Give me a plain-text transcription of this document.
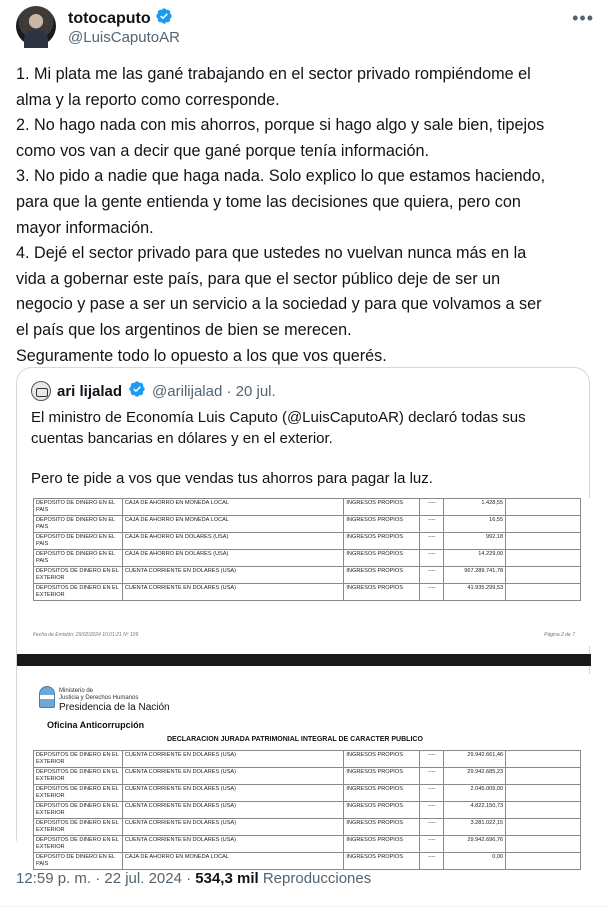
totocaputo
@LuisCaputoAR
•••

1. Mi plata me las gané trabajando en el sector privado rompiéndome el

alma y la reporto como corresponde.

2. No hago nada con mis ahorros, porque si hago algo y sale bien, tipejos

como vos van a decir que gané porque tenía información.

3. No pido a nadie que haga nada. Solo explico lo que estamos haciendo,

para que la gente entienda y tome las decisiones que quiera, pero con

mayor información.

4. Dejé el sector privado para que ustedes no vuelvan nunca más en la

vida a gobernar este país, para que el sector público deje de ser un

negocio y pase a ser un servicio a la sociedad y para que volvamos a ser

el país que los argentinos de bien se merecen.

Seguramente todo lo opuesto a los que vos querés.

ari lijalad @arilijalad · 20 jul.

El ministro de Economía Luis Caputo (@LuisCaputoAR) declaró todas sus

cuentas bancarias en dólares y en el exterior.

Pero te pide a vos que vendas tus ahorros para pagar la luz.

DEPOSITO DE DINERO EN EL PAIS	CAJA DE AHORRO EN MONEDA LOCAL	INGRESOS PROPIOS	----	1.428,55	
DEPOSITO DE DINERO EN EL PAIS	CAJA DE AHORRO EN MONEDA LOCAL	INGRESOS PROPIOS	----	16,55	
DEPOSITO DE DINERO EN EL PAIS	CAJA DE AHORRO EN DOLARES (USA)	INGRESOS PROPIOS	----	992,18	
DEPOSITO DE DINERO EN EL PAIS	CAJA DE AHORRO EN DOLARES (USA)	INGRESOS PROPIOS	----	14.229,00	
DEPOSITOS DE DINERO EN EL EXTERIOR	CUENTA CORRIENTE EN DOLARES (USA)	INGRESOS PROPIOS	----	967.289.741,78	
DEPOSITOS DE DINERO EN EL EXTERIOR	CUENTA CORRIENTE EN DOLARES (USA)	INGRESOS PROPIOS	----	41.935.299,53	
Fecha de Emisión: 29/02/2024 10:01:21 Nº 109	Página 2 de 7
Ministerio de
Justicia y Derechos Humanos
Presidencia de la Nación
Oficina Anticorrupción
DECLARACION JURADA PATRIMONIAL INTEGRAL DE CARACTER PUBLICO
DEPOSITOS DE DINERO EN EL EXTERIOR	CUENTA CORRIENTE EN DOLARES (USA)	INGRESOS PROPIOS	----	29.942.661,46	
DEPOSITOS DE DINERO EN EL EXTERIOR	CUENTA CORRIENTE EN DOLARES (USA)	INGRESOS PROPIOS	----	29.942.685,23	
DEPOSITOS DE DINERO EN EL EXTERIOR	CUENTA CORRIENTE EN DOLARES (USA)	INGRESOS PROPIOS	----	2.045.009,00	
DEPOSITOS DE DINERO EN EL EXTERIOR	CUENTA CORRIENTE EN DOLARES (USA)	INGRESOS PROPIOS	----	4.822.150,73	
DEPOSITOS DE DINERO EN EL EXTERIOR	CUENTA CORRIENTE EN DOLARES (USA)	INGRESOS PROPIOS	----	3.281.022,15	
DEPOSITOS DE DINERO EN EL EXTERIOR	CUENTA CORRIENTE EN DOLARES (USA)	INGRESOS PROPIOS	----	29.942.696,76	
DEPOSITO DE DINERO EN EL PAIS	CAJA DE AHORRO EN MONEDA LOCAL	INGRESOS PROPIOS	----	0,00	
12:59 p. m. · 22 jul. 2024 · 534,3 mil Reproducciones
